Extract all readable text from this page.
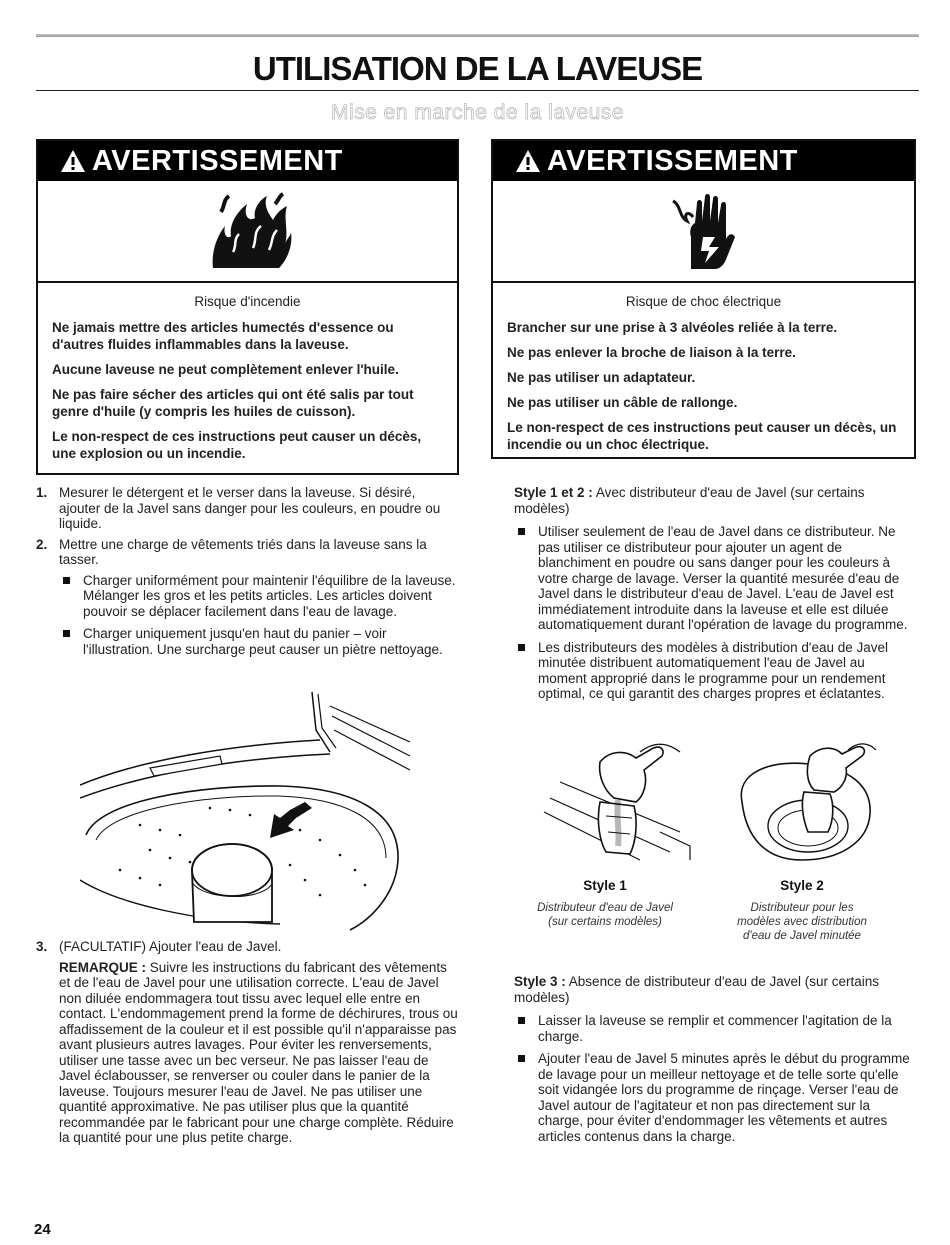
UTILISATION DE LA LAVEUSE
Mise en marche de la laveuse
AVERTISSEMENT
Risque d'incendie

Ne jamais mettre des articles humectés d'essence ou d'autres fluides inflammables dans la laveuse.

Aucune laveuse ne peut complètement enlever l'huile.

Ne pas faire sécher des articles qui ont été salis par tout genre d'huile (y compris les huiles de cuisson).

Le non-respect de ces instructions peut causer un décès, une explosion ou un incendie.

AVERTISSEMENT
Risque de choc électrique

Brancher sur une prise à 3 alvéoles reliée à la terre.

Ne pas enlever la broche de liaison à la terre.

Ne pas utiliser un adaptateur.

Ne pas utiliser un câble de rallonge.

Le non-respect de ces instructions peut causer un décès, un incendie ou un choc électrique.

1. Mesurer le détergent et le verser dans la laveuse. Si désiré, ajouter de la Javel sans danger pour les couleurs, en poudre ou liquide.
2. Mettre une charge de vêtements triés dans la laveuse sans la tasser.
Charger uniformément pour maintenir l'équilibre de la laveuse. Mélanger les gros et les petits articles. Les articles doivent pouvoir se déplacer facilement dans l'eau de lavage.
Charger uniquement jusqu'en haut du panier – voir l'illustration. Une surcharge peut causer un piètre nettoyage.
3. (FACULTATIF) Ajouter l'eau de Javel.
REMARQUE : Suivre les instructions du fabricant des vêtements et de l'eau de Javel pour une utilisation correcte. L'eau de Javel non diluée endommagera tout tissu avec lequel elle entre en contact. L'endommagement prend la forme de déchirures, trous ou affadissement de la couleur et il est possible qu'il n'apparaisse pas avant plusieurs autres lavages. Pour éviter les renversements, utiliser une tasse avec un bec verseur. Ne pas laisser l'eau de Javel éclabousser, se renverser ou couler dans le panier de la laveuse. Toujours mesurer l'eau de Javel. Ne pas utiliser une quantité approximative. Ne pas utiliser plus que la quantité recommandée par le fabricant pour une charge complète. Réduire la quantité pour une plus petite charge.
Style 1 et 2 : Avec distributeur d'eau de Javel (sur certains modèles)
Utiliser seulement de l'eau de Javel dans ce distributeur. Ne pas utiliser ce distributeur pour ajouter un agent de blanchiment en poudre ou sans danger pour les couleurs à votre charge de lavage. Verser la quantité mesurée d'eau de Javel dans le distributeur d'eau de Javel. L'eau de Javel est immédiatement introduite dans la laveuse et elle est diluée automatiquement durant l'opération de lavage du programme.
Les distributeurs des modèles à distribution d'eau de Javel minutée distribuent automatiquement l'eau de Javel au moment approprié dans le programme pour un rendement optimal, ce qui garantit des charges propres et éclatantes.
Style 1
Distributeur d'eau de Javel (sur certains modèles)
Style 2
Distributeur pour les modèles avec distribution d'eau de Javel minutée
Style 3 : Absence de distributeur d'eau de Javel (sur certains modèles)
Laisser la laveuse se remplir et commencer l'agitation de la charge.
Ajouter l'eau de Javel 5 minutes après le début du programme de lavage pour un meilleur nettoyage et de telle sorte qu'elle soit vidangée lors du programme de rinçage. Verser l'eau de Javel autour de l'agitateur et non pas directement sur la charge, pour éviter d'endommager les vêtements et autres articles contenus dans la charge.
24
